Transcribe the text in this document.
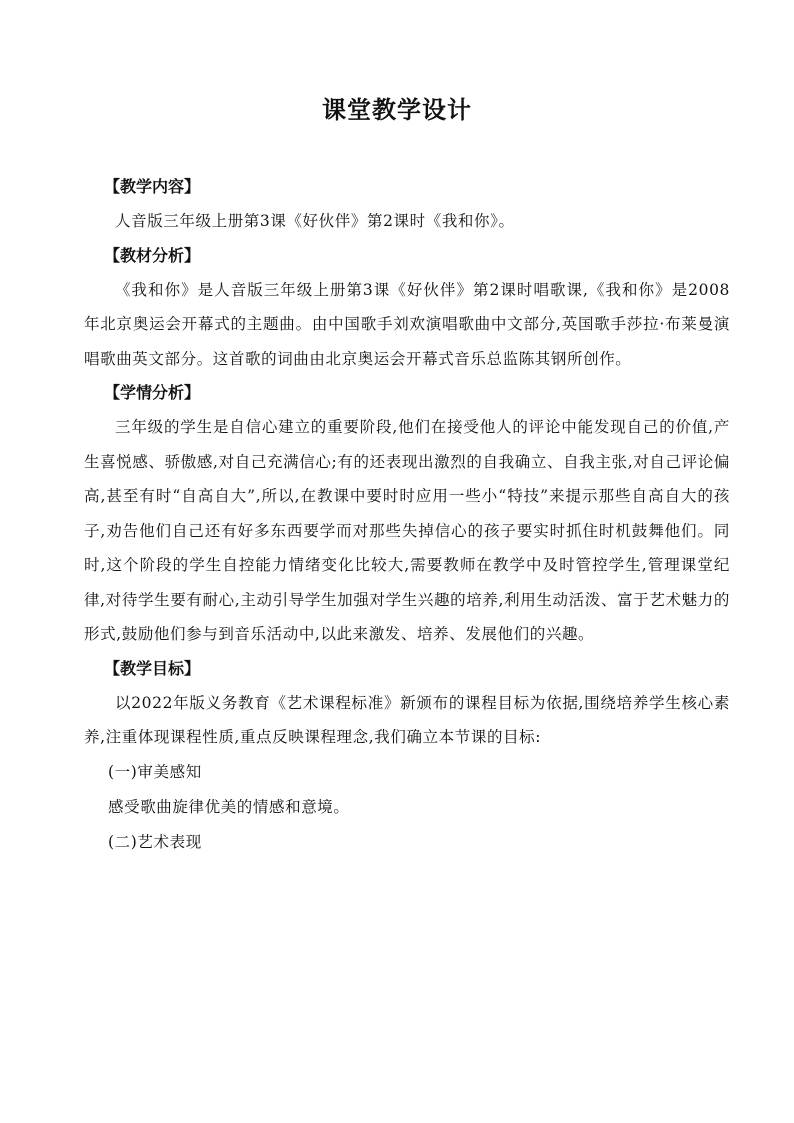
课堂教学设计

【教学内容】

人音版三年级上册第3课《好伙伴》第2课时《我和你》。

【教材分析】

《我和你》是人音版三年级上册第3课《好伙伴》第2课时唱歌课,《我和你》是2008年北京奥运会开幕式的主题曲。由中国歌手刘欢演唱歌曲中文部分,英国歌手莎拉·布莱曼演唱歌曲英文部分。这首歌的词曲由北京奥运会开幕式音乐总监陈其钢所创作。

【学情分析】

三年级的学生是自信心建立的重要阶段,他们在接受他人的评论中能发现自己的价值,产生喜悦感、骄傲感,对自己充满信心;有的还表现出激烈的自我确立、自我主张,对自己评论偏高,甚至有时“自高自大”,所以,在教课中要时时应用一些小“特技”来提示那些自高自大的孩子,劝告他们自己还有好多东西要学而对那些失掉信心的孩子要实时抓住时机鼓舞他们。同时,这个阶段的学生自控能力情绪变化比较大,需要教师在教学中及时管控学生,管理课堂纪律,对待学生要有耐心,主动引导学生加强对学生兴趣的培养,利用生动活泼、富于艺术魅力的形式,鼓励他们参与到音乐活动中,以此来激发、培养、发展他们的兴趣。

【教学目标】

以2022年版义务教育《艺术课程标准》新颁布的课程目标为依据,围绕培养学生核心素养,注重体现课程性质,重点反映课程理念,我们确立本节课的目标:

(一)审美感知

感受歌曲旋律优美的情感和意境。

(二)艺术表现
